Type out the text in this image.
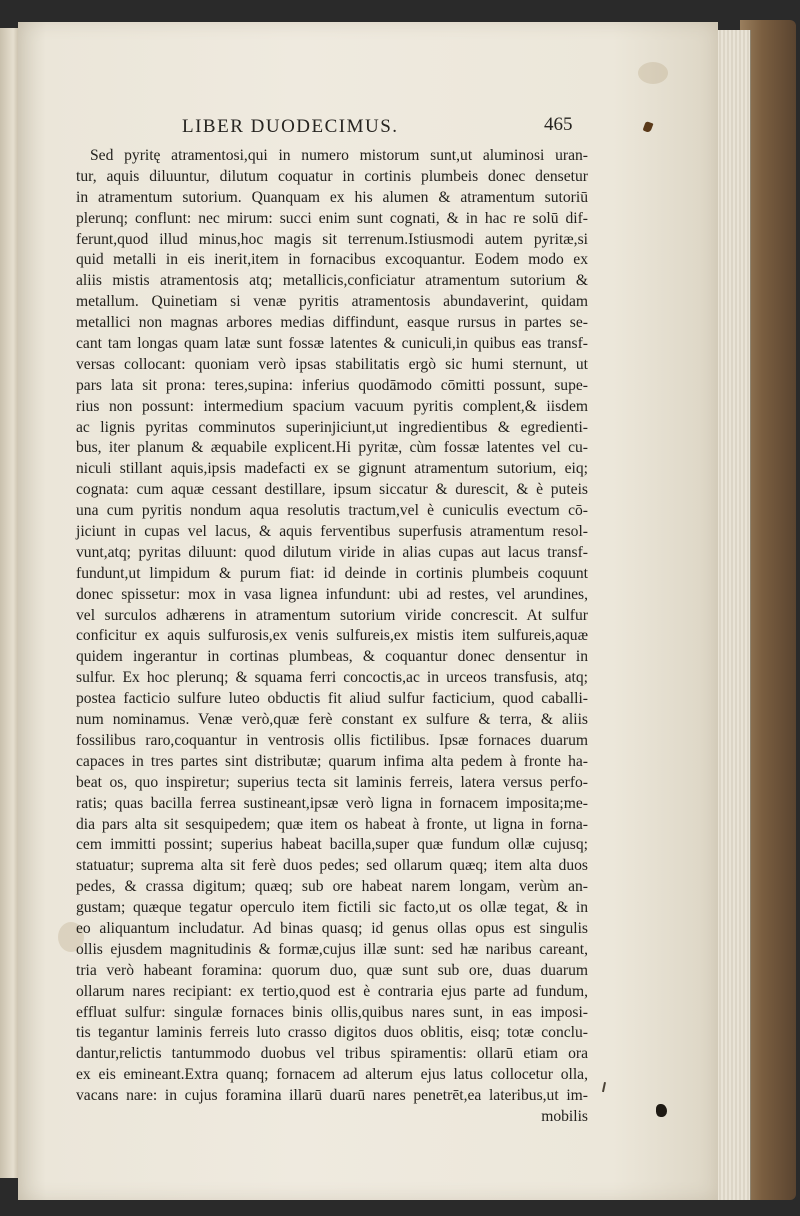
LIBER DUODECIMUS.	465
Sed pyritę atramentosi,qui in numero mistorum sunt,ut aluminosi uran-
tur, aquis diluuntur, dilutum coquatur in cortinis plumbeis donec densetur
in atramentum sutorium. Quanquam ex his alumen & atramentum sutoriū
plerunq; conflunt: nec mirum: succi enim sunt cognati, & in hac re solū dif-
ferunt,quod illud minus,hoc magis sit terrenum.Istiusmodi autem pyritæ,si
quid metalli in eis inerit,item in fornacibus excoquantur. Eodem modo ex
aliis mistis atramentosis atq; metallicis,conficiatur atramentum sutorium &
metallum. Quinetiam si venæ pyritis atramentosis abundaverint, quidam
metallici non magnas arbores medias diffindunt, easque rursus in partes se-
cant tam longas quam latæ sunt fossæ latentes & cuniculi,in quibus eas transf-
versas collocant: quoniam verò ipsas stabilitatis ergò sic humi sternunt, ut
pars lata sit prona: teres,supina: inferius quodāmodo cōmitti possunt, supe-
rius non possunt: intermedium spacium vacuum pyritis complent,& iisdem
ac lignis pyritas comminutos superinjiciunt,ut ingredientibus & egredienti-
bus, iter planum & æquabile explicent.Hi pyritæ, cùm fossæ latentes vel cu-
niculi stillant aquis,ipsis madefacti ex se gignunt atramentum sutorium, eiq;
cognata: cum aquæ cessant destillare, ipsum siccatur & durescit, & è puteis
una cum pyritis nondum aqua resolutis tractum,vel è cuniculis evectum cō-
jiciunt in cupas vel lacus, & aquis ferventibus superfusis atramentum resol-
vunt,atq; pyritas diluunt: quod dilutum viride in alias cupas aut lacus transf-
fundunt,ut limpidum & purum fiat: id deinde in cortinis plumbeis coquunt
donec spissetur: mox in vasa lignea infundunt: ubi ad restes, vel arundines,
vel surculos adhærens in atramentum sutorium viride concrescit. At sulfur
conficitur ex aquis sulfurosis,ex venis sulfureis,ex mistis item sulfureis,aquæ
quidem ingerantur in cortinas plumbeas, & coquantur donec densentur in
sulfur. Ex hoc plerunq; & squama ferri concoctis,ac in urceos transfusis, atq;
postea facticio sulfure luteo obductis fit aliud sulfur facticium, quod caballi-
num nominamus. Venæ verò,quæ ferè constant ex sulfure & terra, & aliis
fossilibus raro,coquantur in ventrosis ollis fictilibus. Ipsæ fornaces duarum
capaces in tres partes sint distributæ; quarum infima alta pedem à fronte ha-
beat os, quo inspiretur; superius tecta sit laminis ferreis, latera versus perfo-
ratis; quas bacilla ferrea sustineant,ipsæ verò ligna in fornacem imposita;me-
dia pars alta sit sesquipedem; quæ item os habeat à fronte, ut ligna in forna-
cem immitti possint; superius habeat bacilla,super quæ fundum ollæ cujusq;
statuatur; suprema alta sit ferè duos pedes; sed ollarum quæq; item alta duos
pedes, & crassa digitum; quæq; sub ore habeat narem longam, verùm an-
gustam; quæque tegatur operculo item fictili sic facto,ut os ollæ tegat, & in
eo aliquantum includatur. Ad binas quasq; id genus ollas opus est singulis
ollis ejusdem magnitudinis & formæ,cujus illæ sunt: sed hæ naribus careant,
tria verò habeant foramina: quorum duo, quæ sunt sub ore, duas duarum
ollarum nares recipiant: ex tertio,quod est è contraria ejus parte ad fundum,
effluat sulfur: singulæ fornaces binis ollis,quibus nares sunt, in eas imposi-
tis tegantur laminis ferreis luto crasso digitos duos oblitis, eisq; totæ conclu-
dantur,relictis tantummodo duobus vel tribus spiramentis: ollarū etiam ora
ex eis emineant.Extra quanq; fornacem ad alterum ejus latus collocetur olla,
vacans nare: in cujus foramina illarū duarū nares penetrēt,ea lateribus,ut im-
mobilis
